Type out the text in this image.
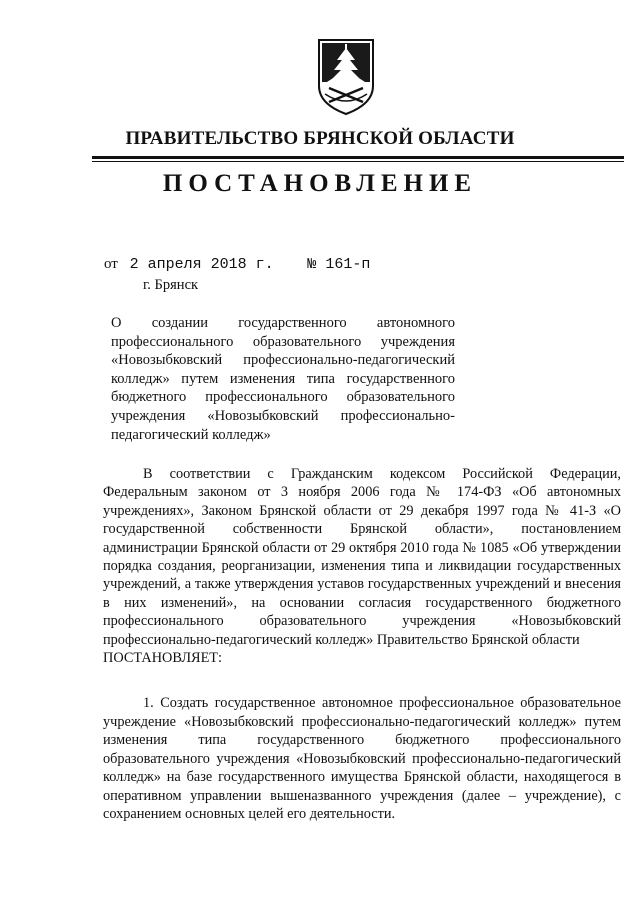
ПРАВИТЕЛЬСТВО БРЯНСКОЙ ОБЛАСТИ
ПОСТАНОВЛЕНИЕ
от 2 апреля 2018 г. № 161-п
г. Брянск
О создании государственного автономного профессионального образовательного учреждения «Новозыбковский профессионально-педагогический колледж» путем изменения типа государственного бюджетного профессионального образовательного учреждения «Новозыбковский профессионально-педагогический колледж»

В соответствии с Гражданским кодексом Российской Федерации, Федеральным законом от 3 ноября 2006 года № 174-ФЗ «Об автономных учреждениях», Законом Брянской области от 29 декабря 1997 года № 41-З «О государственной собственности Брянской области», постановлением администрации Брянской области от 29 октября 2010 года № 1085 «Об утверждении порядка создания, реорганизации, изменения типа и ликвидации государственных учреждений, а также утверждения уставов государственных учреждений и внесения в них изменений», на основании согласия государственного бюджетного профессионального образовательного учреждения «Новозыбковский профессионально-педагогический колледж» Правительство Брянской области

ПОСТАНОВЛЯЕТ:

1. Создать государственное автономное профессиональное образовательное учреждение «Новозыбковский профессионально-педагогический колледж» путем изменения типа государственного бюджетного профессионального образовательного учреждения «Новозыбковский профессионально-педагогический колледж» на базе государственного имущества Брянской области, находящегося в оперативном управлении вышеназванного учреждения (далее – учреждение), с сохранением основных целей его деятельности.
